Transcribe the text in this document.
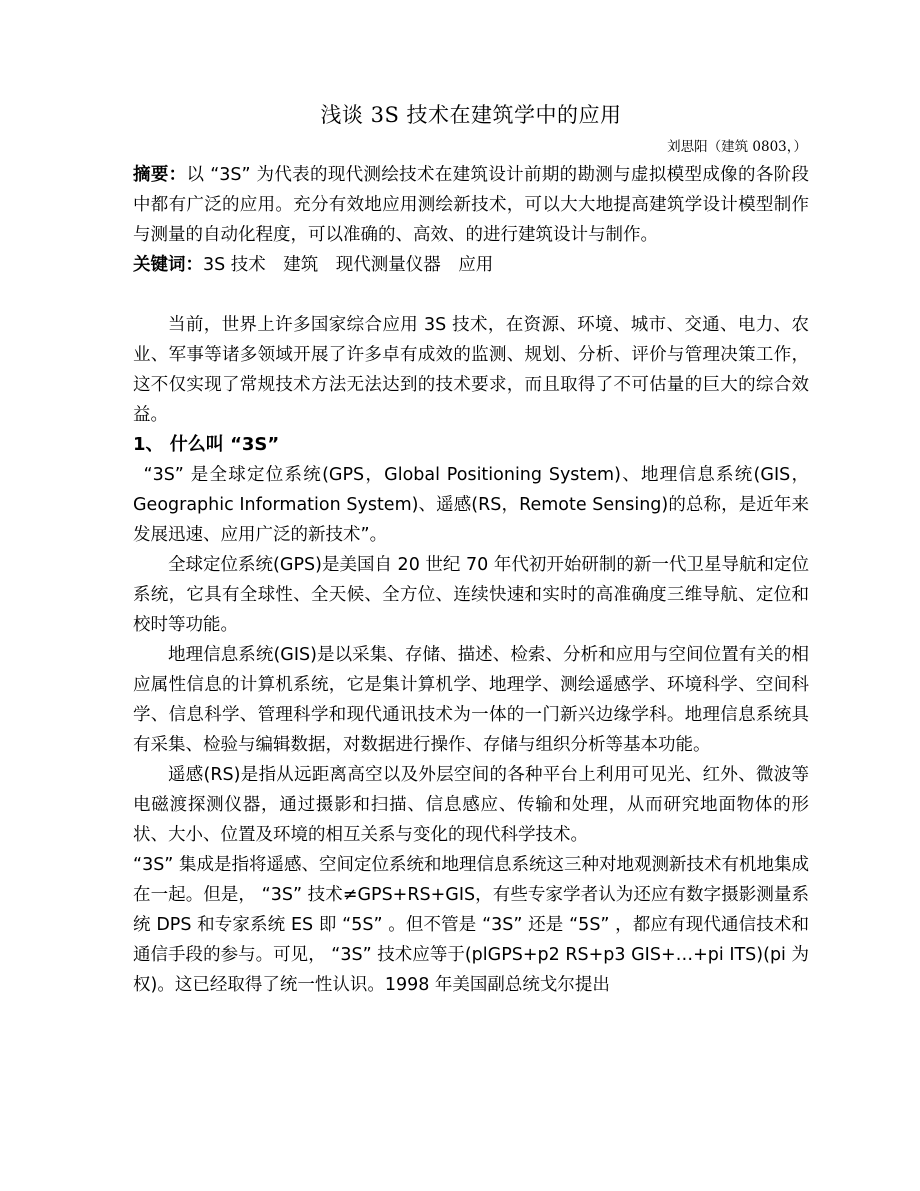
浅谈 3S 技术在建筑学中的应用
刘思阳（建筑 0803，）

摘要：以 “3S” 为代表的现代测绘技术在建筑设计前期的勘测与虚拟模型成像的各阶段中都有广泛的应用。充分有效地应用测绘新技术，可以大大地提高建筑学设计模型制作与测量的自动化程度，可以准确的、高效、的进行建筑设计与制作。

关键词：3S 技术　建筑　现代测量仪器　应用

当前，世界上许多国家综合应用 3S 技术，在资源、环境、城市、交通、电力、农业、军事等诸多领域开展了许多卓有成效的监测、规划、分析、评价与管理决策工作，这不仅实现了常规技术方法无法达到的技术要求，而且取得了不可估量的巨大的综合效益。

1、 什么叫 “3S”

“3S” 是全球定位系统(GPS，Global Positioning System)、地理信息系统(GIS，Geographic Information System)、遥感(RS，Remote Sensing)的总称，是近年来发展迅速、应用广泛的新技术”。

全球定位系统(GPS)是美国自 20 世纪 70 年代初开始研制的新一代卫星导航和定位系统，它具有全球性、全天候、全方位、连续快速和实时的高准确度三维导航、定位和校时等功能。

地理信息系统(GIS)是以采集、存储、描述、检索、分析和应用与空间位置有关的相应属性信息的计算机系统，它是集计算机学、地理学、测绘遥感学、环境科学、空间科学、信息科学、管理科学和现代通讯技术为一体的一门新兴边缘学科。地理信息系统具有采集、检验与编辑数据，对数据进行操作、存储与组织分析等基本功能。

遥感(RS)是指从远距离高空以及外层空间的各种平台上利用可见光、红外、微波等电磁渡探测仪器，通过摄影和扫描、信息感应、传输和处理，从而研究地面物体的形状、大小、位置及环境的相互关系与变化的现代科学技术。

“3S” 集成是指将遥感、空间定位系统和地理信息系统这三种对地观测新技术有机地集成在一起。但是， “3S” 技术≠GPS+RS+GIS，有些专家学者认为还应有数字摄影测量系统 DPS 和专家系统 ES 即 “5S” 。但不管是 “3S” 还是 “5S” ，都应有现代通信技术和通信手段的参与。可见， “3S” 技术应等于(plGPS+p2 RS+p3 GIS+…+pi ITS)(pi 为权)。这已经取得了统一性认识。1998 年美国副总统戈尔提出
